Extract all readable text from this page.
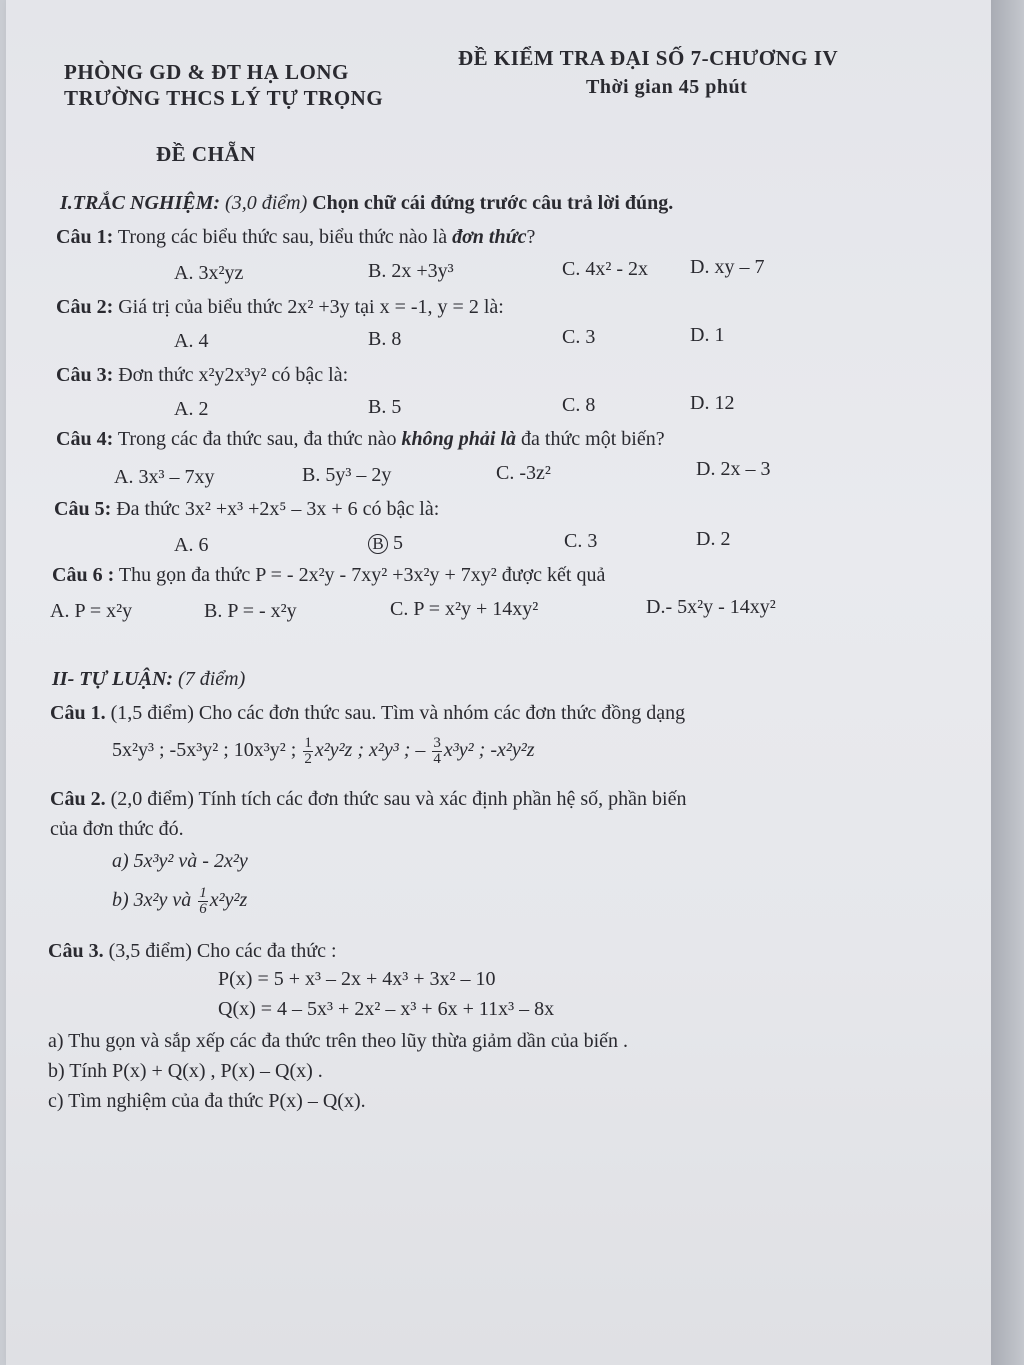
PHÒNG GD & ĐT HẠ LONG
TRƯỜNG THCS LÝ TỰ TRỌNG
ĐỀ KIỂM TRA ĐẠI SỐ 7-CHƯƠNG IV
Thời gian 45 phút
ĐỀ CHẴN
I.TRẮC NGHIỆM: (3,0 điểm) Chọn chữ cái đứng trước câu trả lời đúng.
Câu 1: Trong các biểu thức sau, biểu thức nào là đơn thức?
A. 3x²yz	B. 2x +3y³	C. 4x² - 2x D. xy – 7
Câu 2: Giá trị của biểu thức 2x² +3y tại x = -1, y = 2 là:
A. 4	B. 8	C. 3	D. 1
Câu 3: Đơn thức x²y2x³y² có bậc là:
A. 2	B. 5	C. 8	D. 12
Câu 4: Trong các đa thức sau, đa thức nào không phải là đa thức một biến?
A. 3x³ – 7xy	B. 5y³ – 2y	C. -3z²	D. 2x – 3
Câu 5: Đa thức 3x² +x³ +2x⁵ – 3x + 6 có bậc là:
A. 6	B 5	C. 3	D. 2
Câu 6 : Thu gọn đa thức P = - 2x²y - 7xy² +3x²y + 7xy² được kết quả
A. P = x²y	B. P = - x²y	C. P = x²y + 14xy²	D.- 5x²y - 14xy²
II- TỰ LUẬN: (7 điểm)
Câu 1. (1,5 điểm) Cho các đơn thức sau. Tìm và nhóm các đơn thức đồng dạng
5x²y³ ; -5x³y² ; 10x³y² ; $\frac{1}{2} x^2y^2z$ ; x²y³ ; – $\frac{3}{4} x^3y^2$ ; -x²y²z
Câu 2. (2,0 điểm) Tính tích các đơn thức sau và xác định phần hệ số, phần biến
của đơn thức đó.
a) 5x³y² và - 2x²y
b) 3x²y và $\frac{1}{6} x^2y^2z$
Câu 3. (3,5 điểm) Cho các đa thức :
P(x) = 5 + x³ – 2x + 4x³ + 3x² – 10
Q(x) = 4 – 5x³ + 2x² – x³ + 6x + 11x³ – 8x
a) Thu gọn và sắp xếp các đa thức trên theo lũy thừa giảm dần của biến .
b) Tính P(x) + Q(x) , P(x) – Q(x) .
c) Tìm nghiệm của đa thức P(x) – Q(x).
